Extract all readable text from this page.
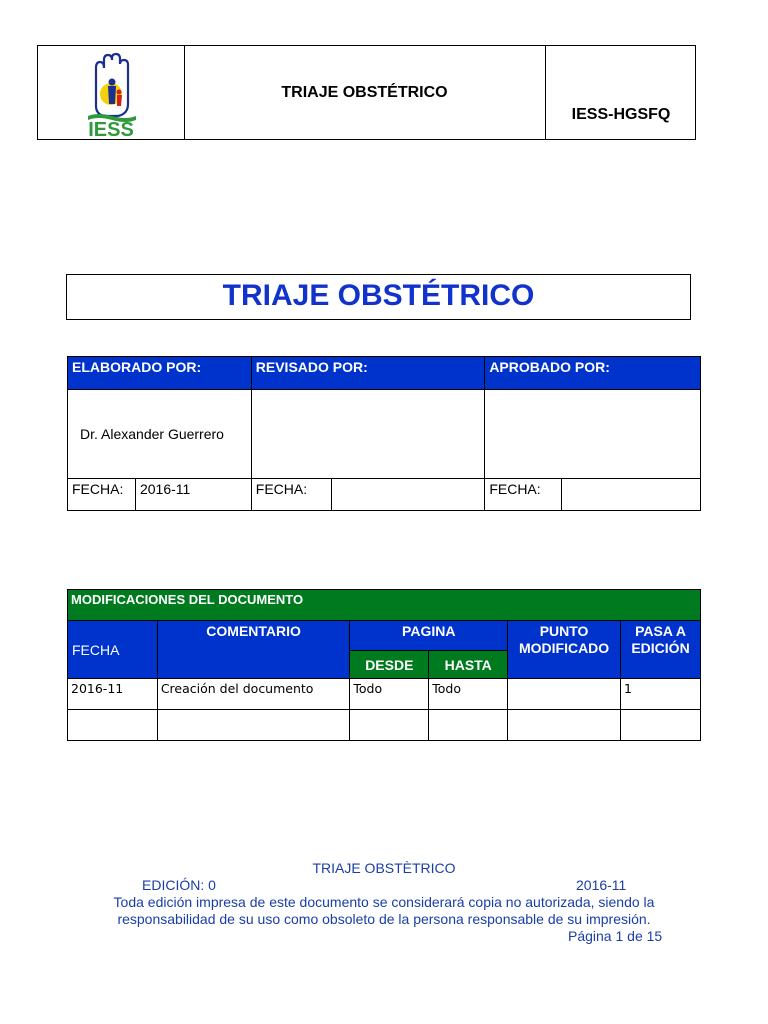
IESS
TRIAJE OBSTÉTRICO
IESS-HGSFQ
TRIAJE OBSTÉTRICO
ELABORADO POR:		REVISADO POR:		APROBADO POR:	
Dr. Alexander Guerrero					
FECHA:	2016-11	FECHA:		FECHA:	
MODIFICACIONES DEL DOCUMENTO					
FECHA	COMENTARIO	PAGINA		PUNTO MODIFICADO	PASA A EDICIÓN
		DESDE	HASTA		
2016-11	Creación del documento	Todo	Todo		1

TRIAJE OBSTÈTRICO
EDICIÓN: 0	2016-11
Toda edición impresa de este documento se considerará copia no autorizada, siendo la
responsabilidad de su uso como obsoleto de la persona responsable de su impresión.
Página 1 de 15
